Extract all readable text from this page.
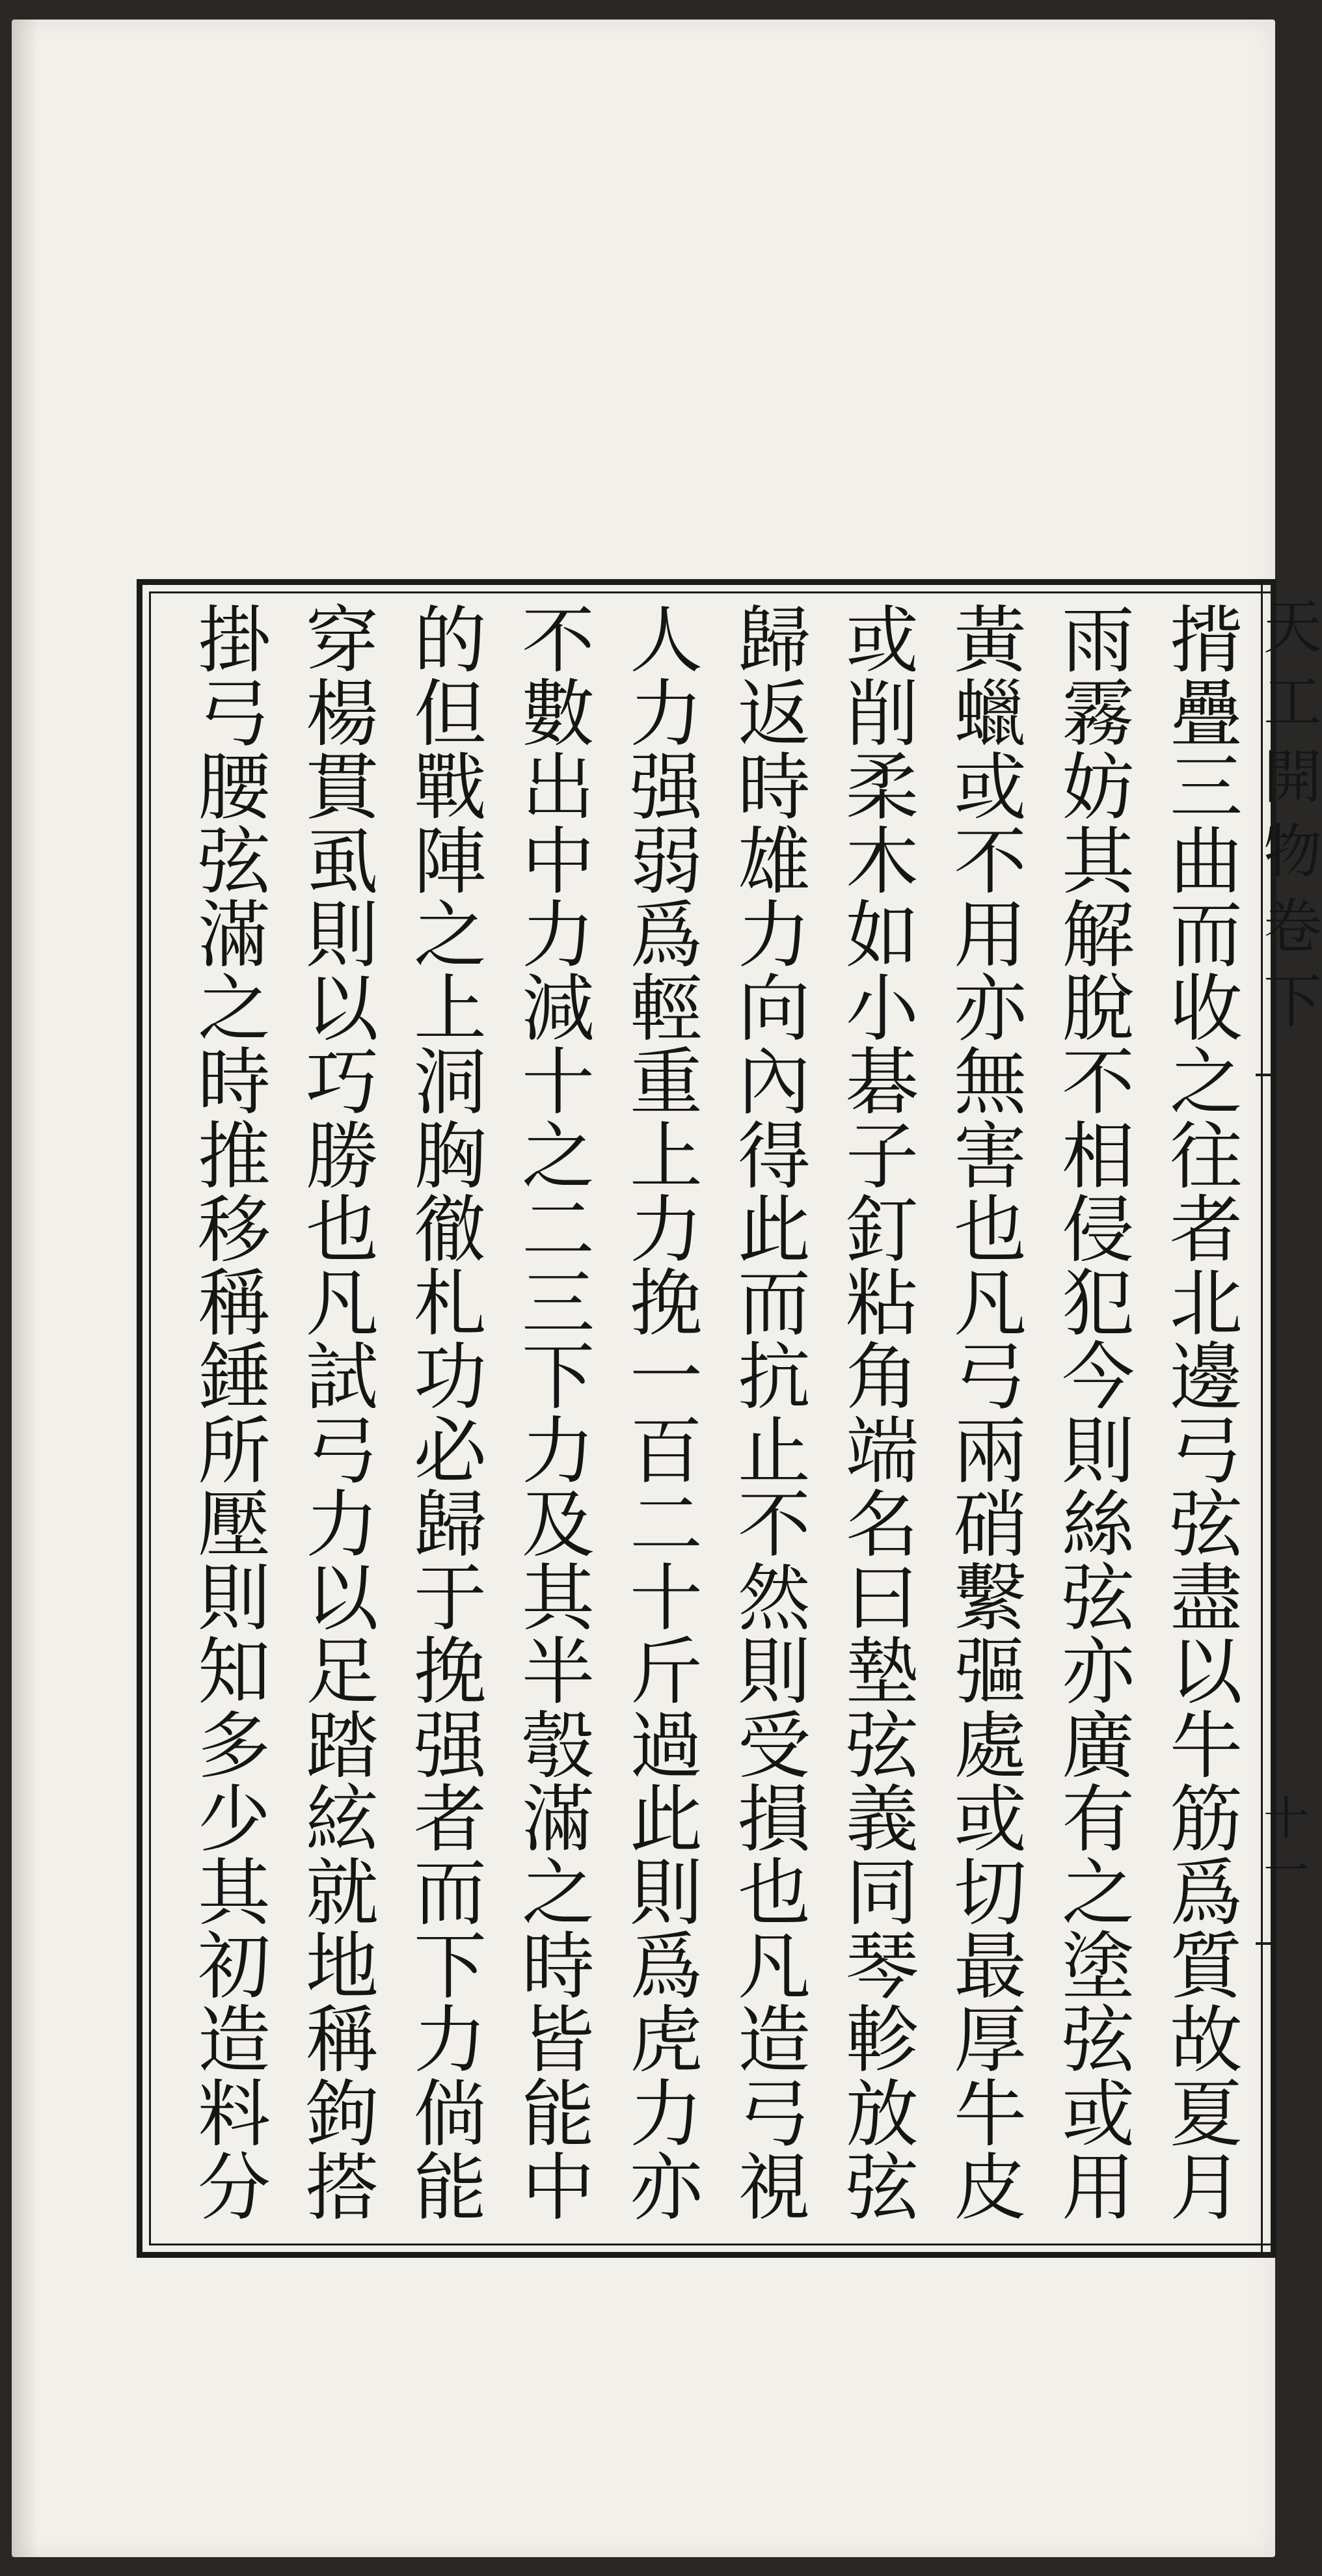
揹
疊
三
曲
而
收
之
往
者
北
邊
弓
弦
盡
以
牛
筋
爲
質
故
夏
月
雨
霧
妨
其
解
脫
不
相
侵
犯
今
則
絲
弦
亦
廣
有
之
塗
弦
或
用
黃
蠟
或
不
用
亦
無
害
也
凡
弓
兩
硝
繫
彄
處
或
切
最
厚
牛
皮
或
削
柔
木
如
小
碁
子
釘
粘
角
端
名
曰
墊
弦
義
同
琴
軫
放
弦
歸
返
時
雄
力
向
內
得
此
而
抗
止
不
然
則
受
損
也
凡
造
弓
視
人
力
强
弱
爲
輕
重
上
力
挽
一
百
二
十
斤
過
此
則
爲
虎
力
亦
不
數
出
中
力
減
十
之
二
三
下
力
及
其
半
彀
滿
之
時
皆
能
中
的
但
戰
陣
之
上
洞
胸
徹
札
功
必
歸
于
挽
强
者
而
下
力
倘
能
穿
楊
貫
虱
則
以
巧
勝
也
凡
試
弓
力
以
足
踏
絃
就
地
稱
鉤
搭
掛
弓
腰
弦
滿
之
時
推
移
稱
錘
所
壓
則
知
多
少
其
初
造
料
分
天
工
開
物
卷
下
十
一
